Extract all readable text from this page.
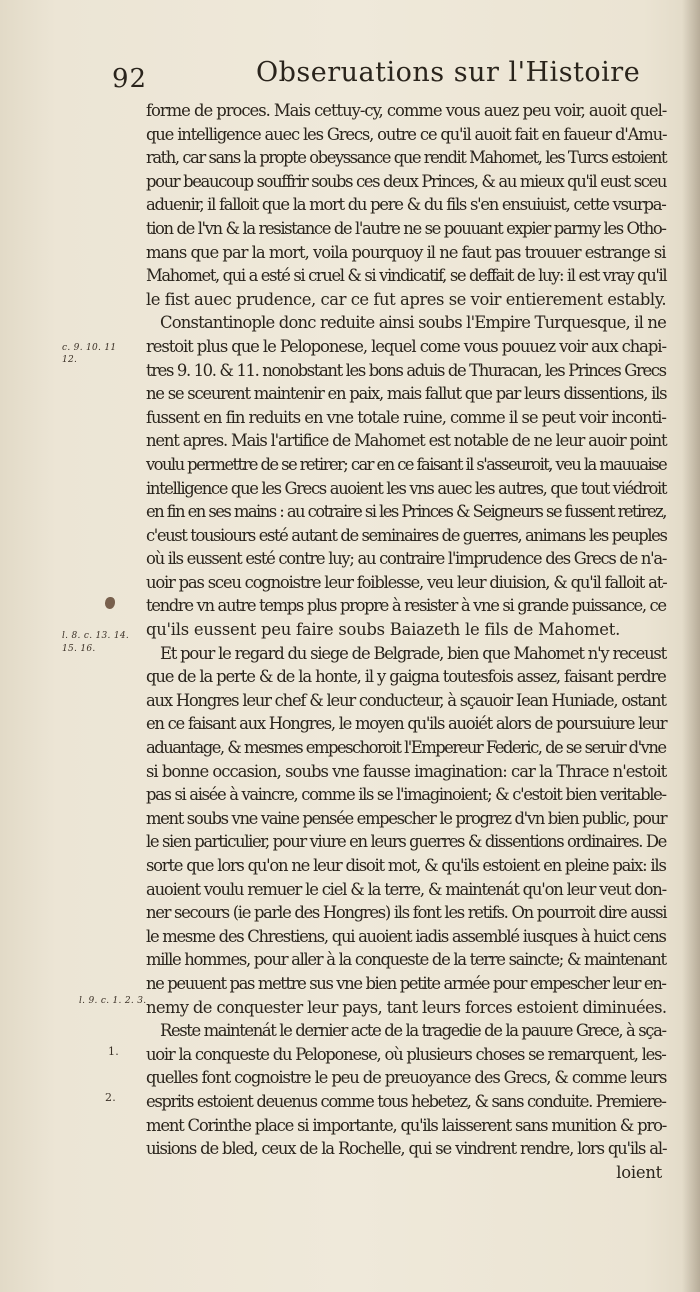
92	Obseruations sur l'Histoire
c. 9. 10. 11
12.
l. 8. c. 13. 14.
15. 16.
l. 9. c. 1. 2. 3.
1.
2.
forme de proces. Mais cettuy-cy, comme vous auez peu voir, auoit quel-
que intelligence auec les Grecs, outre ce qu'il auoit fait en faueur d'Amu-
rath, car sans la propte obeyssance que rendit Mahomet, les Turcs estoient
pour beaucoup souffrir soubs ces deux Princes, & au mieux qu'il eust sceu
aduenir, il falloit que la mort du pere & du fils s'en ensuiuist, cette vsurpa-
tion de l'vn & la resistance de l'autre ne se pouuant expier parmy les Otho-
mans que par la mort, voila pourquoy il ne faut pas trouuer estrange si
Mahomet, qui a esté si cruel & si vindicatif, se deffait de luy: il est vray qu'il
le fist auec prudence, car ce fut apres se voir entierement estably.
Constantinople donc reduite ainsi soubs l'Empire Turquesque, il ne
restoit plus que le Peloponese, lequel come vous pouuez voir aux chapi-
tres 9. 10. & 11. nonobstant les bons aduis de Thuracan, les Princes Grecs
ne se sceurent maintenir en paix, mais fallut que par leurs dissentions, ils
fussent en fin reduits en vne totale ruine, comme il se peut voir inconti-
nent apres. Mais l'artifice de Mahomet est notable de ne leur auoir point
voulu permettre de se retirer; car en ce faisant il s'asseuroit, veu la mauuaise
intelligence que les Grecs auoient les vns auec les autres, que tout viédroit
en fin en ses mains : au cotraire si les Princes & Seigneurs se fussent retirez,
c'eust tousiours esté autant de seminaires de guerres, animans les peuples
où ils eussent esté contre luy; au contraire l'imprudence des Grecs de n'a-
uoir pas sceu cognoistre leur foiblesse, veu leur diuision, & qu'il falloit at-
tendre vn autre temps plus propre à resister à vne si grande puissance, ce
qu'ils eussent peu faire soubs Baiazeth le fils de Mahomet.
Et pour le regard du siege de Belgrade, bien que Mahomet n'y receust
que de la perte & de la honte, il y gaigna toutesfois assez, faisant perdre
aux Hongres leur chef & leur conducteur, à sçauoir Iean Huniade, ostant
en ce faisant aux Hongres, le moyen qu'ils auoiét alors de poursuiure leur
aduantage, & mesmes empeschoroit l'Empereur Federic, de se seruir d'vne
si bonne occasion, soubs vne fausse imagination: car la Thrace n'estoit
pas si aisée à vaincre, comme ils se l'imaginoient; & c'estoit bien veritable-
ment soubs vne vaine pensée empescher le progrez d'vn bien public, pour
le sien particulier, pour viure en leurs guerres & dissentions ordinaires. De
sorte que lors qu'on ne leur disoit mot, & qu'ils estoient en pleine paix: ils
auoient voulu remuer le ciel & la terre, & maintenát qu'on leur veut don-
ner secours (ie parle des Hongres) ils font les retifs. On pourroit dire aussi
le mesme des Chrestiens, qui auoient iadis assemblé iusques à huict cens
mille hommes, pour aller à la conqueste de la terre saincte; & maintenant
ne peuuent pas mettre sus vne bien petite armée pour empescher leur en-
nemy de conquester leur pays, tant leurs forces estoient diminuées.
Reste maintenát le dernier acte de la tragedie de la pauure Grece, à sça-
uoir la conqueste du Peloponese, où plusieurs choses se remarquent, les-
quelles font cognoistre le peu de preuoyance des Grecs, & comme leurs
esprits estoient deuenus comme tous hebetez, & sans conduite. Premiere-
ment Corinthe place si importante, qu'ils laisserent sans munition & pro-
uisions de bled, ceux de la Rochelle, qui se vindrent rendre, lors qu'ils al-
loient
